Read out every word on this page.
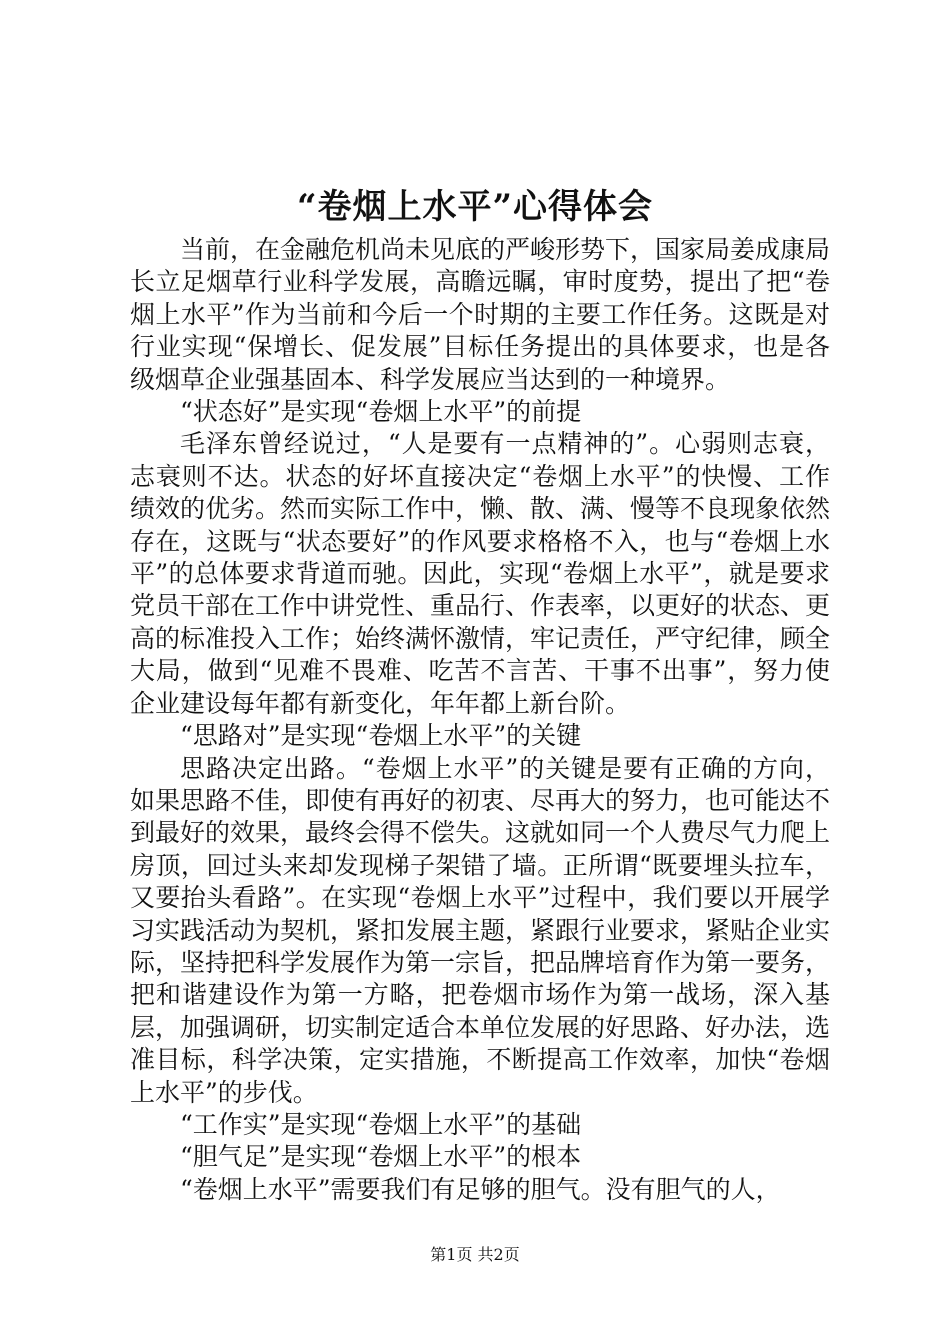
“卷烟上水平”心得体会

当前，在金融危机尚未见底的严峻形势下，国家局姜成康局长立足烟草行业科学发展，高瞻远瞩，审时度势，提出了把“卷烟上水平”作为当前和今后一个时期的主要工作任务。这既是对行业实现“保增长、促发展”目标任务提出的具体要求，也是各级烟草企业强基固本、科学发展应当达到的一种境界。

“状态好”是实现“卷烟上水平”的前提

毛泽东曾经说过，“人是要有一点精神的”。心弱则志衰，志衰则不达。状态的好坏直接决定“卷烟上水平”的快慢、工作绩效的优劣。然而实际工作中，懒、散、满、慢等不良现象依然存在，这既与“状态要好”的作风要求格格不入，也与“卷烟上水平”的总体要求背道而驰。因此，实现“卷烟上水平”，就是要求党员干部在工作中讲党性、重品行、作表率，以更好的状态、更高的标准投入工作；始终满怀激情，牢记责任，严守纪律，顾全大局，做到“见难不畏难、吃苦不言苦、干事不出事”，努力使企业建设每年都有新变化，年年都上新台阶。

“思路对”是实现“卷烟上水平”的关键

思路决定出路。“卷烟上水平”的关键是要有正确的方向，如果思路不佳，即使有再好的初衷、尽再大的努力，也可能达不到最好的效果，最终会得不偿失。这就如同一个人费尽气力爬上房顶，回过头来却发现梯子架错了墙。正所谓“既要埋头拉车，又要抬头看路”。在实现“卷烟上水平”过程中，我们要以开展学习实践活动为契机，紧扣发展主题，紧跟行业要求，紧贴企业实际，坚持把科学发展作为第一宗旨，把品牌培育作为第一要务，把和谐建设作为第一方略，把卷烟市场作为第一战场，深入基层，加强调研，切实制定适合本单位发展的好思路、好办法，选准目标，科学决策，定实措施，不断提高工作效率，加快“卷烟上水平”的步伐。

“工作实”是实现“卷烟上水平”的基础

“胆气足”是实现“卷烟上水平”的根本

“卷烟上水平”需要我们有足够的胆气。没有胆气的人，

第1页 共2页
